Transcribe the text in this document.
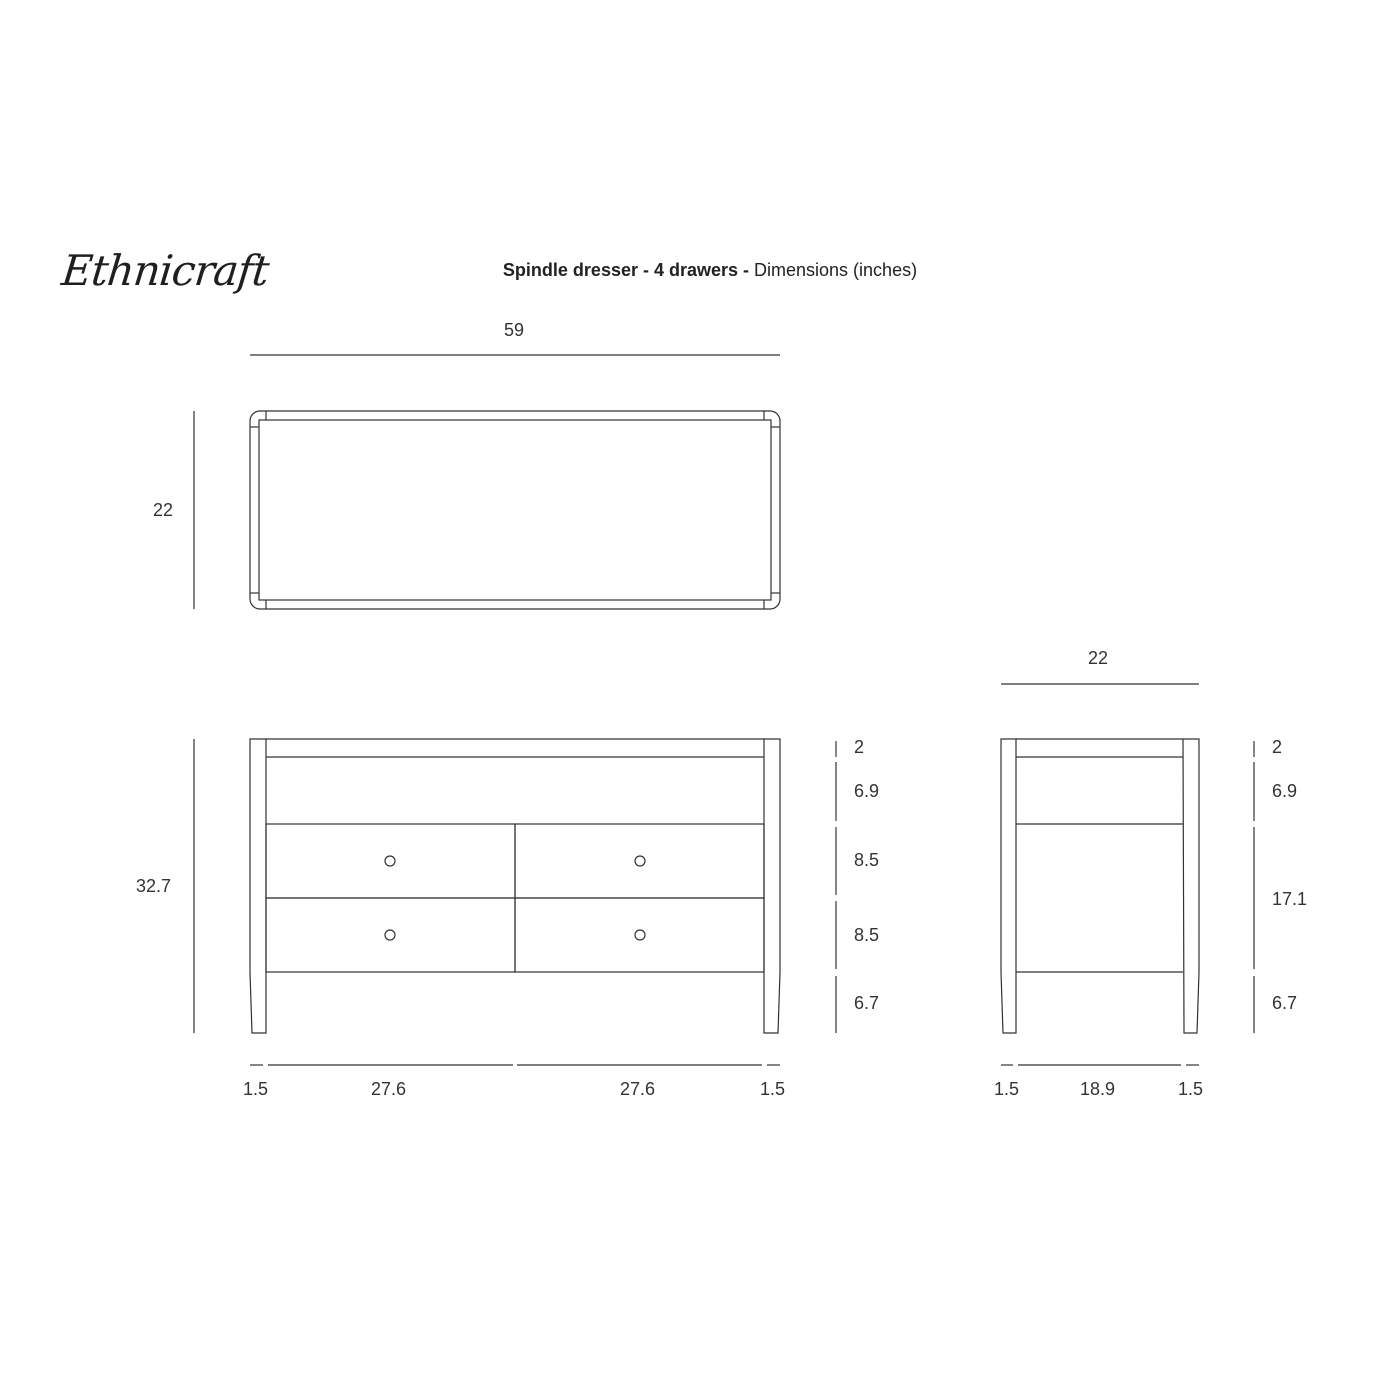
Ethnicraft	Spindle dresser - 4 drawers - Dimensions (inches)
59
22
32.7
2
6.9
8.5
8.5
6.7
1.5	27.6	27.6	1.5
22
2
6.9
17.1
6.7
1.5	18.9	1.5
